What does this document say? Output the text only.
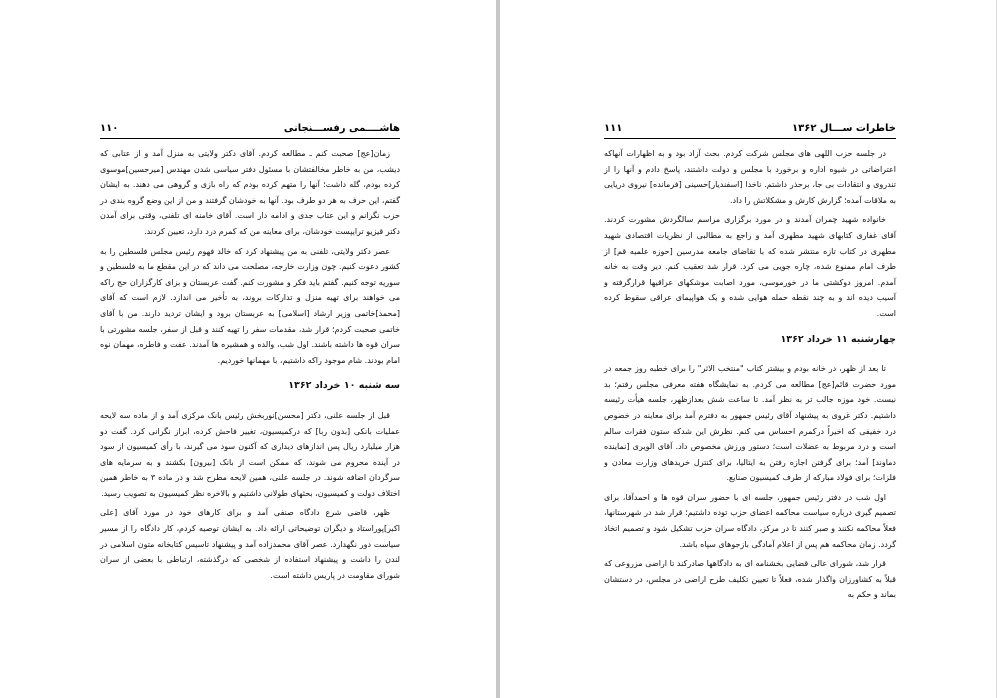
هاشــــمی رفســـنجانی
۱۱۰

زمان[عج] صحبت کنم ـ مطالعه کردم. آقای دکتر ولایتی به منزل آمد و از عتابی که دیشب، من به خاطر مخالفتشان با مسئول دفتر سیاسی شدن مهندس [میرحسین]موسوی کرده بودم، گله داشت؛ آنها را متهم کرده بودم که راه بازی و گروهی می دهند. به ایشان گفتم، این حرف به هر دو طرف بود. آنها به خودشان گرفتند و من از این وضع گروه بندی در حزب نگرانم و این عتاب جدی و ادامه دار است. آقای خامنه ای تلفنی، وقتی برای آمدن دکتر قیزیو ترایپست خودشان، برای معاینه من که کمرم درد دارد، تعیین کردند.

عصر دکتر ولایتی، تلفنی به من پیشنهاد کرد که خالد فهوم رئیس مجلس فلسطین را به کشور دعوت کنیم. چون وزارت خارجه، مصلحت می داند که در این مقطع ما به فلسطین و سوریه توجه کنیم. گفتم باید فکر و مشورت کنم. گفت عربستان و بزای کارگزاران حج راکه می خواهند برای تهیه منزل و تدارکات بروند، به تأخیر می اندازد. لازم است که آقای [محمد]خاتمی وزیر ارشاد [اسلامی] به عربستان برود و ایشان تردید دارند. من با آقای خاتمی صحبت کردم؛ قرار شد، مقدمات سفر را تهیه کنند و قبل از سفر، جلسه مشورتی با سران قوه ها داشته باشند. اول شب، والده و همشیره ها آمدند. عفت و فاطره، مهمان نوه امام بودند. شام موجود راکه داشتیم، با مهمانها خوردیم.

سه شنبه ۱۰ خرداد ۱۳۶۲

قبل از جلسه علنی، دکتر [محسن]نوربخش رئیس بانک مرکزی آمد و از ماده سه لایحه عملیات بانکی [بدون ربا] که درکمیسیون، تغییر فاحش کرده، ابراز نگرانی کرد. گفت دو هزار میلیارد ریال پس اندازهای دیداری که آکنون سود می گیرند، با رأی کمیسیون از سود در آینده محروم می شوند، که ممکن است از بانک [بیرون] بکشند و به سرمایه های سرگردان اضافه شوند. در جلسه علنی، همین لایحه مطرح شد و در ماده ۳ به خاطر همین اختلاف دولت و کمیسیون، بحثهای طولانی داشتیم و بالاخره نظر کمیسیون به تصویب رسید.

ظهر، قاضی شرع دادگاه صنفی آمد و برای کارهای خود در مورد آقای [علی اکبر]پوراستاد و دیگران توضیحاتی ارائه داد. به ایشان توصیه کردم، کار دادگاه را از مسیر سیاست دور نگهدارد. عصر آقای محمدزاده آمد و پیشنهاد تاسیس کتابخانه متون اسلامی در لندن را داشت و پیشنهاد استفاده از شخصی که درگذشته، ارتباطی با بعضی از سران شورای مقاومت در پاریس داشته است.

خاطرات ســـال ۱۳۶۲
۱۱۱

در جلسه حزب اللهی های مجلس شرکت کردم. بحث آزاد بود و به اظهارات آنهاکه اعتراضاتی در شیوه اداره و برخورد با مجلس و دولت داشتند، پاسخ دادم و آنها را از تندروی و انتقادات بی جا، برحذر داشتم. ناخدا [اسفندیار]حسینی [فرمانده] نیروی دریایی به ملاقات آمده؛ گزارش کارش و مشکلاتش را داد.

خانواده شهید چمران آمدند و در مورد برگزاری مراسم سالگردش مشورت کردند. آقای غفاری کتابهای شهید مطهری آمد و راجع به مطالبی از نظریات اقتصادی شهید مطهری در کتاب تازه منتشر شده که با تقاضای جامعه مدرسین [حوزه علمیه قم] از طرف امام ممنوع شده، چاره جویی می کرد. قرار شد تعقیب کنم. دیر وقت به خانه آمدم. امروز دوکشتی ما در خورموسی، مورد اصابت موشکهای عراقیها قرارگرفته و آسیب دیده اند و به چند نقطه حمله هوایی شده و یک هواپیمای عراقی سقوط کرده است.

چهارشنبه ۱۱ خرداد ۱۳۶۲

تا بعد از ظهر، در خانه بودم و بیشتر کتاب "منتخب الاثر" را برای خطبه روز جمعه در مورد حضرت قائم[عج] مطالعه می کردم. به نمایشگاه هفته معرفی مجلس رفتم؛ بد نیست. خود موزه جالب تر به نظر آمد. تا ساعت شش بعدازظهر، جلسه هیأت رئیسه داشتیم. دکتر غروی به پیشنهاد آقای رئیس جمهور به دفترم آمد برای معاینه در خصوص درد خفیفی که اخیراً درکمرم احساس می کنم. نظرش این شدکه ستون فقرات سالم است و درد مربوط به عضلات است؛ دستور ورزش مخصوص داد. آقای الویری [نماینده دماوند] آمد؛ برای گرفتن اجازه رفتن به ایتالیا، برای کنترل خریدهای وزارت معادن و فلزات؛ برای فولاد مبارکه از طرف کمیسیون صنایع.

اول شب در دفتر رئیس جمهور، جلسه ای با حضور سران قوه ها و احمدآقا، برای تصمیم گیری درباره سیاست محاکمه اعضای حزب توده داشتیم؛ قرار شد در شهرستانها، فعلاً محاکمه نکنند و صبر کنند تا در مرکز، دادگاه سران حزب تشکیل شود و تصمیم اتخاذ گردد. زمان محاکمه هم پس از اعلام آمادگی بازجوهای سپاه باشد.

قرار شد، شورای عالی قضایی بخشنامه ای به دادگاهها صادرکند تا اراضی مزروعی که قبلاً به کشاورزان واگذار شده، فعلاً تا تعیین تکلیف طرح اراضی در مجلس، در دستشان بماند و حکم به
